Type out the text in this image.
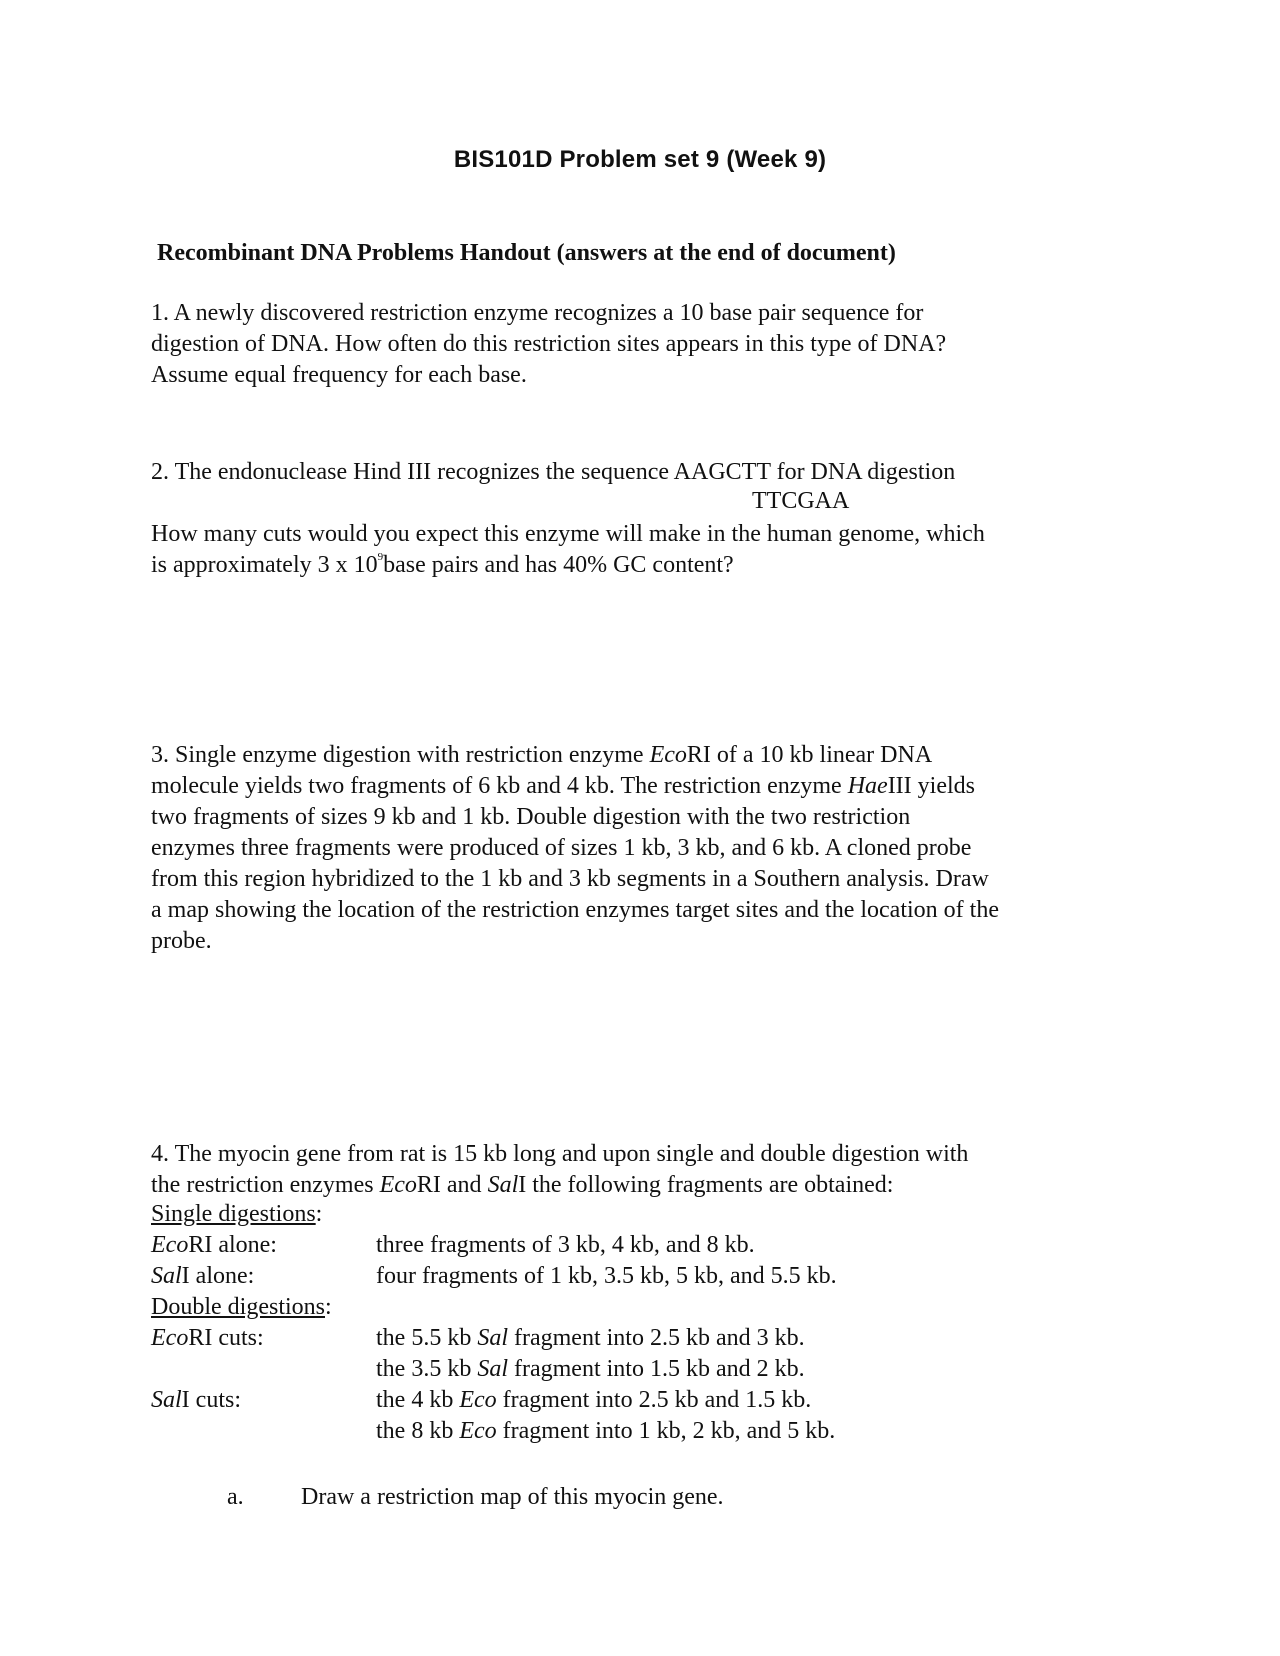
BIS101D Problem set 9 (Week 9)
Recombinant DNA Problems Handout (answers at the end of document)
1. A newly discovered restriction enzyme recognizes a 10 base pair sequence for
digestion of DNA. How often do this restriction sites appears in this type of DNA?
Assume equal frequency for each base.
2. The endonuclease Hind III recognizes the sequence AAGCTT for DNA digestion
TTCGAA
How many cuts would you expect this enzyme will make in the human genome, which
is approximately 3 x $10^9base$ pairs and has 40% GC content?
3. Single enzyme digestion with restriction enzyme EcoRI of a 10 kb linear DNA
molecule yields two fragments of 6 kb and 4 kb. The restriction enzyme HaeIII yields
two fragments of sizes 9 kb and 1 kb. Double digestion with the two restriction
enzymes three fragments were produced of sizes 1 kb, 3 kb, and 6 kb. A cloned probe
from this region hybridized to the 1 kb and 3 kb segments in a Southern analysis. Draw
a map showing the location of the restriction enzymes target sites and the location of the
probe.
4. The myocin gene from rat is 15 kb long and upon single and double digestion with
the restriction enzymes EcoRI and SalI the following fragments are obtained:
Single digestions:
EcoRI alone:	three fragments of 3 kb, 4 kb, and 8 kb.
SalI alone:	four fragments of 1 kb, 3.5 kb, 5 kb, and 5.5 kb.
Double digestions:
EcoRI cuts:	the 5.5 kb Sal fragment into 2.5 kb and 3 kb.
the 3.5 kb Sal fragment into 1.5 kb and 2 kb.
SalI cuts:	the 4 kb Eco fragment into 2.5 kb and 1.5 kb.
the 8 kb Eco fragment into 1 kb, 2 kb, and 5 kb.
a. Draw a restriction map of this myocin gene.
